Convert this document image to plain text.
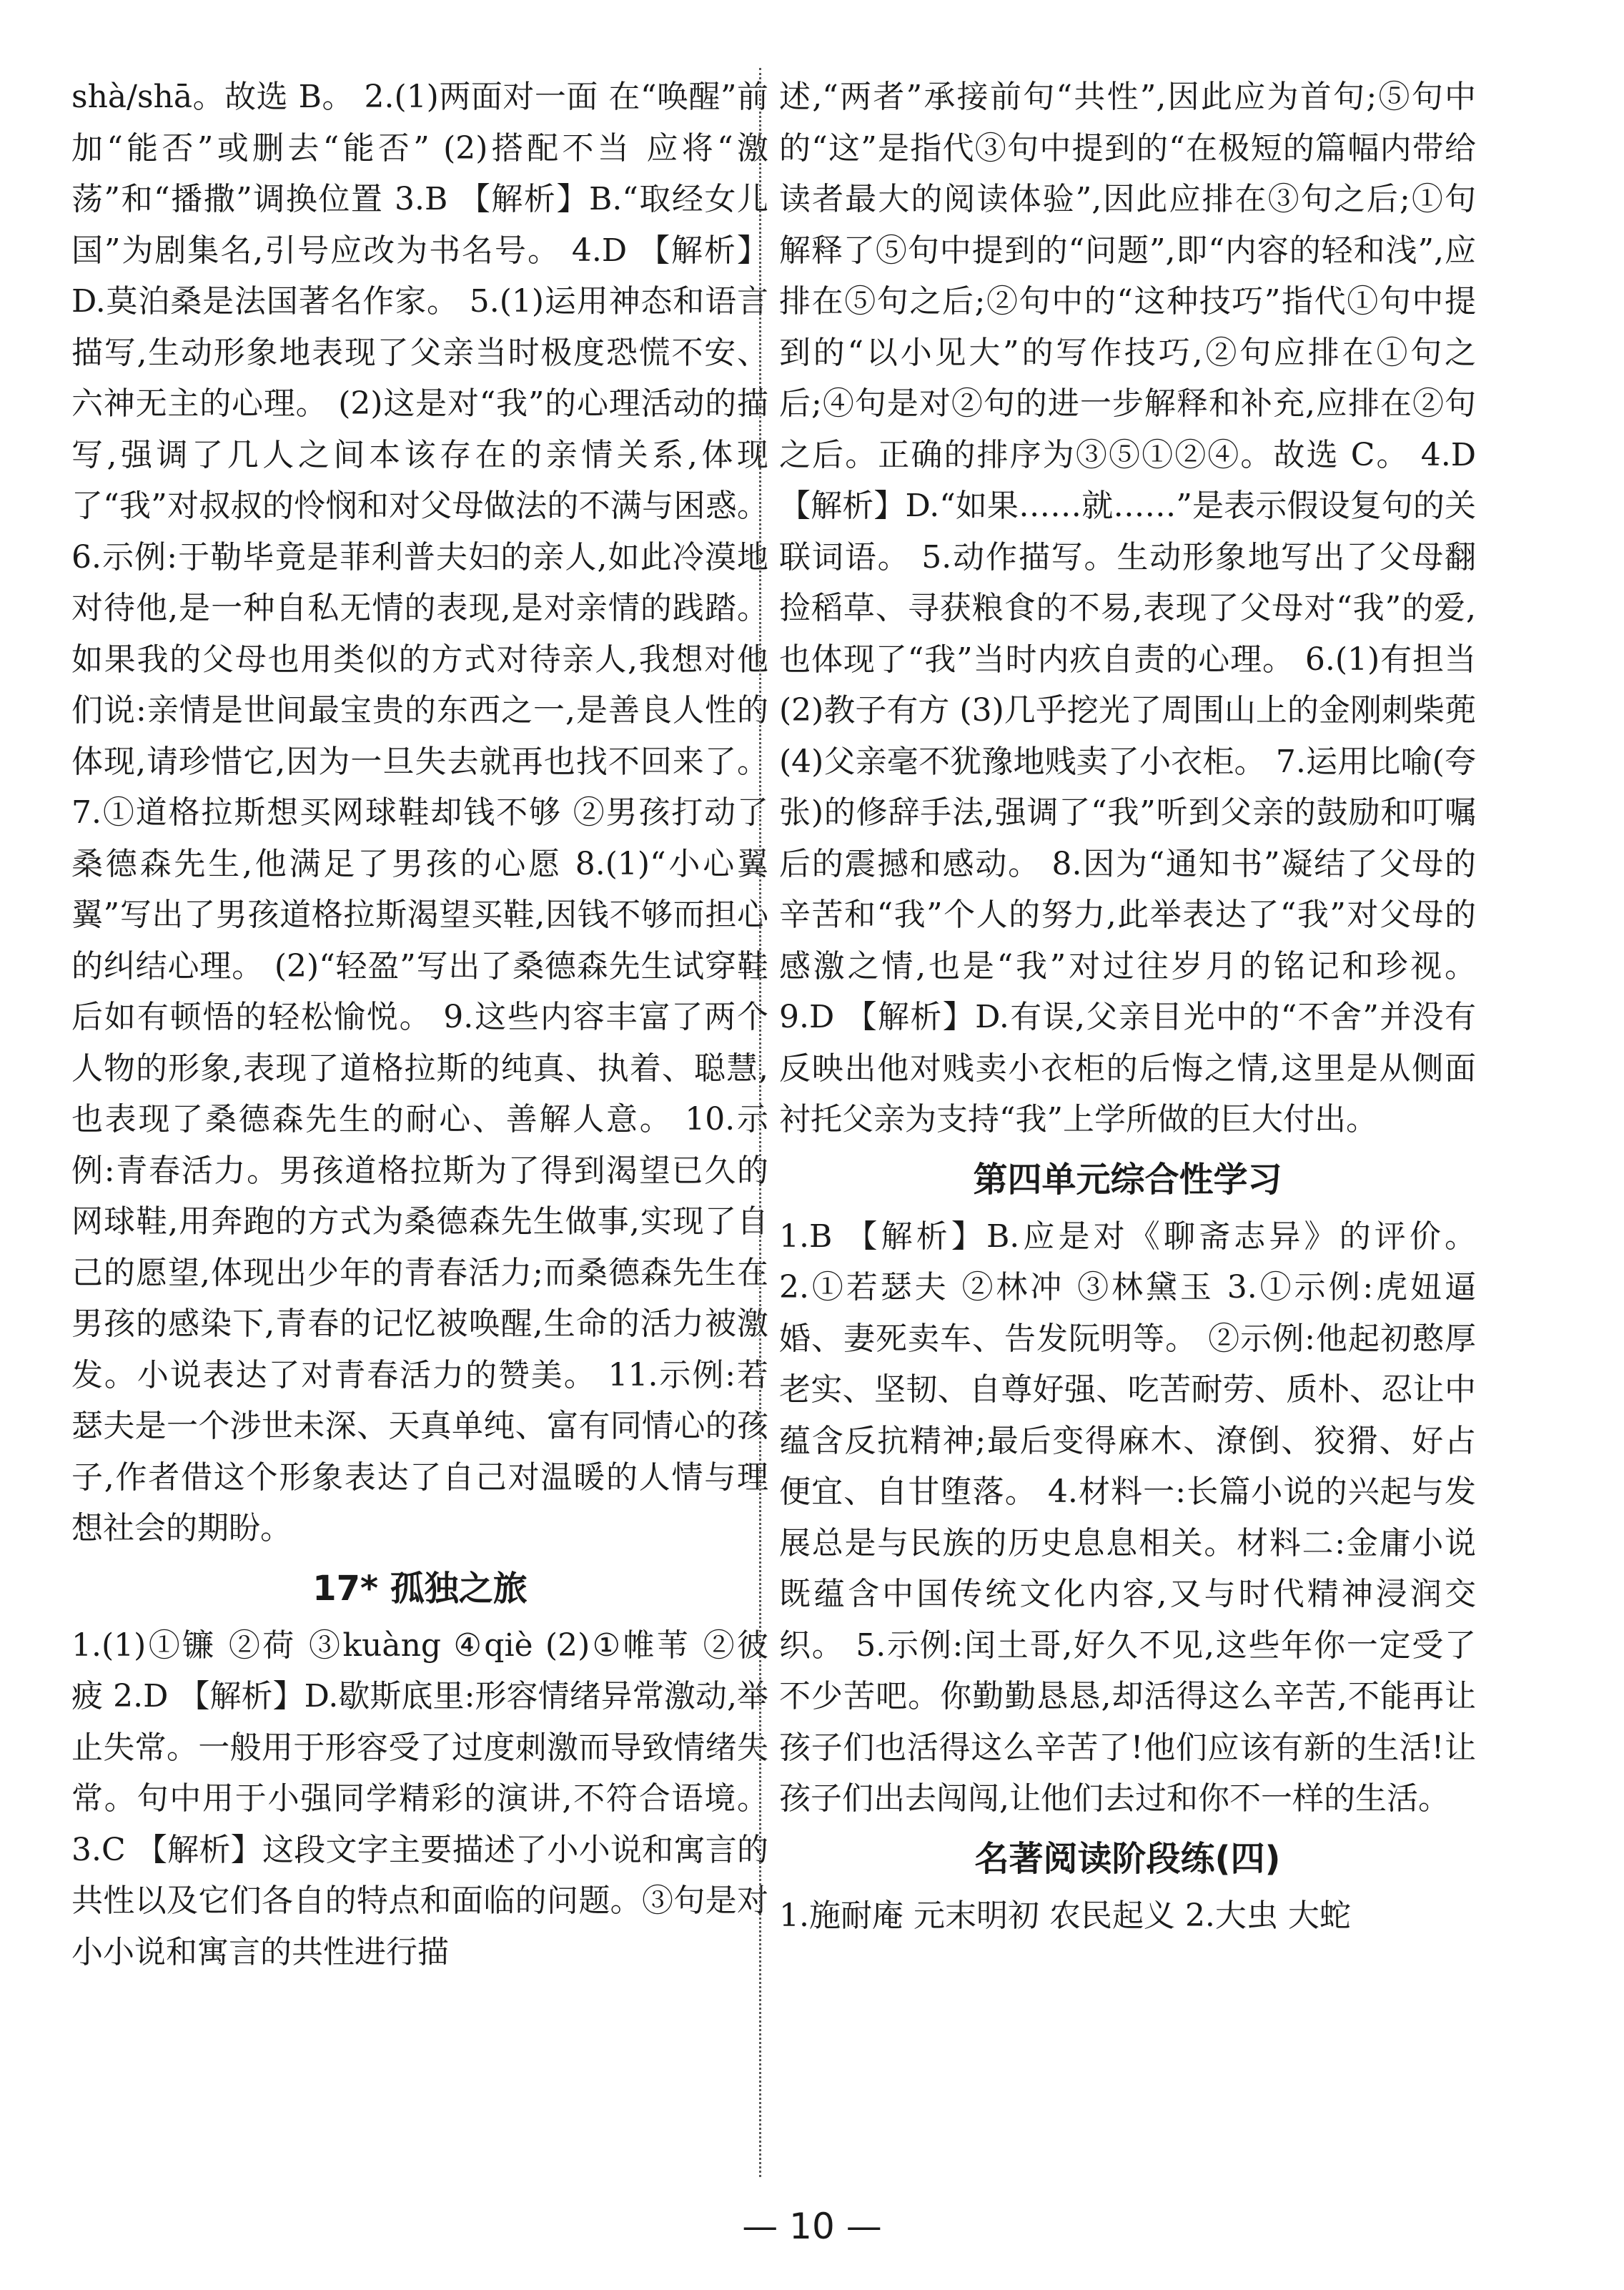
shà/shā。故选 B。 2.(1)两面对一面 在“唤醒”前加“能否”或删去“能否” (2)搭配不当 应将“激荡”和“播撒”调换位置 3.B 【解析】B.“取经女儿国”为剧集名,引号应改为书名号。 4.D 【解析】D.莫泊桑是法国著名作家。 5.(1)运用神态和语言描写,生动形象地表现了父亲当时极度恐慌不安、六神无主的心理。 (2)这是对“我”的心理活动的描写,强调了几人之间本该存在的亲情关系,体现了“我”对叔叔的怜悯和对父母做法的不满与困惑。 6.示例:于勒毕竟是菲利普夫妇的亲人,如此冷漠地对待他,是一种自私无情的表现,是对亲情的践踏。如果我的父母也用类似的方式对待亲人,我想对他们说:亲情是世间最宝贵的东西之一,是善良人性的体现,请珍惜它,因为一旦失去就再也找不回来了。 7.①道格拉斯想买网球鞋却钱不够 ②男孩打动了桑德森先生,他满足了男孩的心愿 8.(1)“小心翼翼”写出了男孩道格拉斯渴望买鞋,因钱不够而担心的纠结心理。 (2)“轻盈”写出了桑德森先生试穿鞋后如有顿悟的轻松愉悦。 9.这些内容丰富了两个人物的形象,表现了道格拉斯的纯真、执着、聪慧,也表现了桑德森先生的耐心、善解人意。 10.示例:青春活力。男孩道格拉斯为了得到渴望已久的网球鞋,用奔跑的方式为桑德森先生做事,实现了自己的愿望,体现出少年的青春活力;而桑德森先生在男孩的感染下,青春的记忆被唤醒,生命的活力被激发。小说表达了对青春活力的赞美。 11.示例:若瑟夫是一个涉世未深、天真单纯、富有同情心的孩子,作者借这个形象表达了自己对温暖的人情与理想社会的期盼。

17* 孤独之旅

1.(1)①镰 ②荷 ③kuàng ④qiè (2)①帷苇 ②彼 疲 2.D 【解析】D.歇斯底里:形容情绪异常激动,举止失常。一般用于形容受了过度刺激而导致情绪失常。句中用于小强同学精彩的演讲,不符合语境。 3.C 【解析】这段文字主要描述了小小说和寓言的共性以及它们各自的特点和面临的问题。③句是对小小说和寓言的共性进行描

述,“两者”承接前句“共性”,因此应为首句;⑤句中的“这”是指代③句中提到的“在极短的篇幅内带给读者最大的阅读体验”,因此应排在③句之后;①句解释了⑤句中提到的“问题”,即“内容的轻和浅”,应排在⑤句之后;②句中的“这种技巧”指代①句中提到的“以小见大”的写作技巧,②句应排在①句之后;④句是对②句的进一步解释和补充,应排在②句之后。正确的排序为③⑤①②④。故选 C。 4.D 【解析】D.“如果……就……”是表示假设复句的关联词语。 5.动作描写。生动形象地写出了父母翻捡稻草、寻获粮食的不易,表现了父母对“我”的爱,也体现了“我”当时内疚自责的心理。 6.(1)有担当 (2)教子有方 (3)几乎挖光了周围山上的金刚刺柴蔸 (4)父亲毫不犹豫地贱卖了小衣柜。 7.运用比喻(夸张)的修辞手法,强调了“我”听到父亲的鼓励和叮嘱后的震撼和感动。 8.因为“通知书”凝结了父母的辛苦和“我”个人的努力,此举表达了“我”对父母的感激之情,也是“我”对过往岁月的铭记和珍视。 9.D 【解析】D.有误,父亲目光中的“不舍”并没有反映出他对贱卖小衣柜的后悔之情,这里是从侧面衬托父亲为支持“我”上学所做的巨大付出。

第四单元综合性学习

1.B 【解析】B.应是对《聊斋志异》的评价。 2.①若瑟夫 ②林冲 ③林黛玉 3.①示例:虎妞逼婚、妻死卖车、告发阮明等。 ②示例:他起初憨厚老实、坚韧、自尊好强、吃苦耐劳、质朴、忍让中蕴含反抗精神;最后变得麻木、潦倒、狡猾、好占便宜、自甘堕落。 4.材料一:长篇小说的兴起与发展总是与民族的历史息息相关。材料二:金庸小说既蕴含中国传统文化内容,又与时代精神浸润交织。 5.示例:闰土哥,好久不见,这些年你一定受了不少苦吧。你勤勤恳恳,却活得这么辛苦,不能再让孩子们也活得这么辛苦了!他们应该有新的生活!让孩子们出去闯闯,让他们去过和你不一样的生活。

名著阅读阶段练(四)

1.施耐庵 元末明初 农民起义 2.大虫 大蛇

— 10 —
